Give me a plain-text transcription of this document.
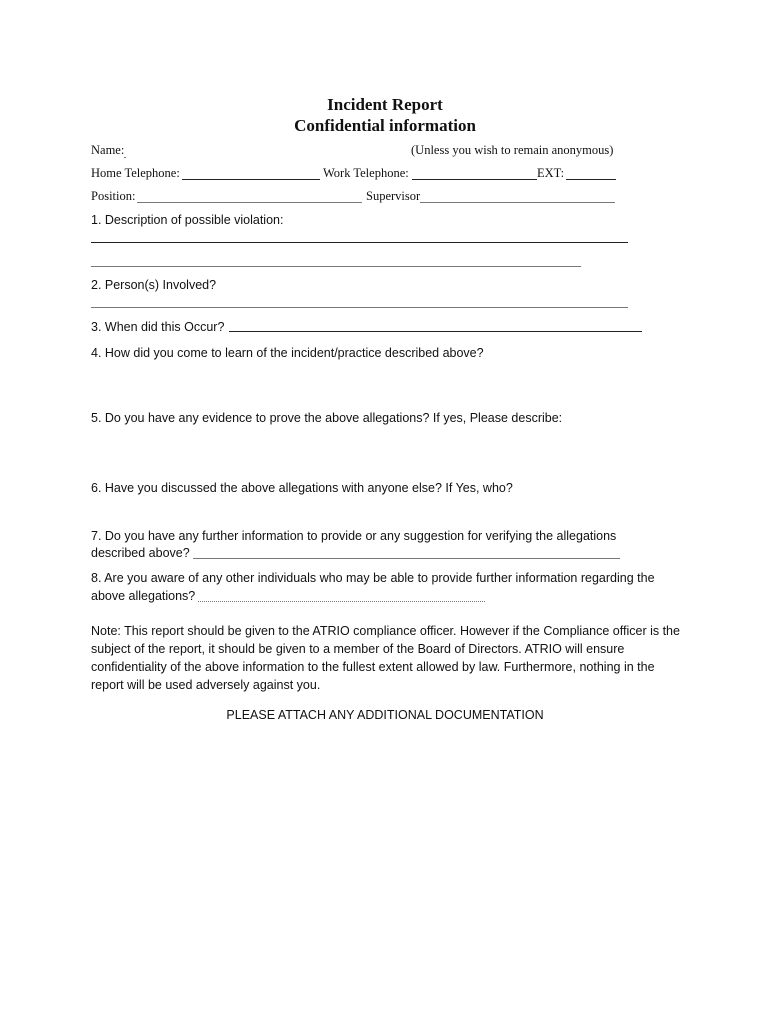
Incident Report
Confidential information
Name:	(Unless you wish to remain anonymous)
Home Telephone:	Work Telephone:	EXT:
Position:	Supervisor
1. Description of possible violation:
2. Person(s) Involved?
3. When did this Occur?
4. How did you come to learn of the incident/practice described above?
5. Do you have any evidence to prove the above allegations? If yes, Please describe:
6. Have you discussed the above allegations with anyone else? If Yes, who?
7. Do you have any further information to provide or any suggestion for verifying the allegations
described above?
8. Are you aware of any other individuals who may be able to provide further information regarding the
above allegations?
Note: This report should be given to the ATRIO compliance officer. However if the Compliance officer is the subject of the report, it should be given to a member of the Board of Directors. ATRIO will ensure confidentiality of the above information to the fullest extent allowed by law. Furthermore, nothing in the report will be used adversely against you.
PLEASE ATTACH ANY ADDITIONAL DOCUMENTATION
